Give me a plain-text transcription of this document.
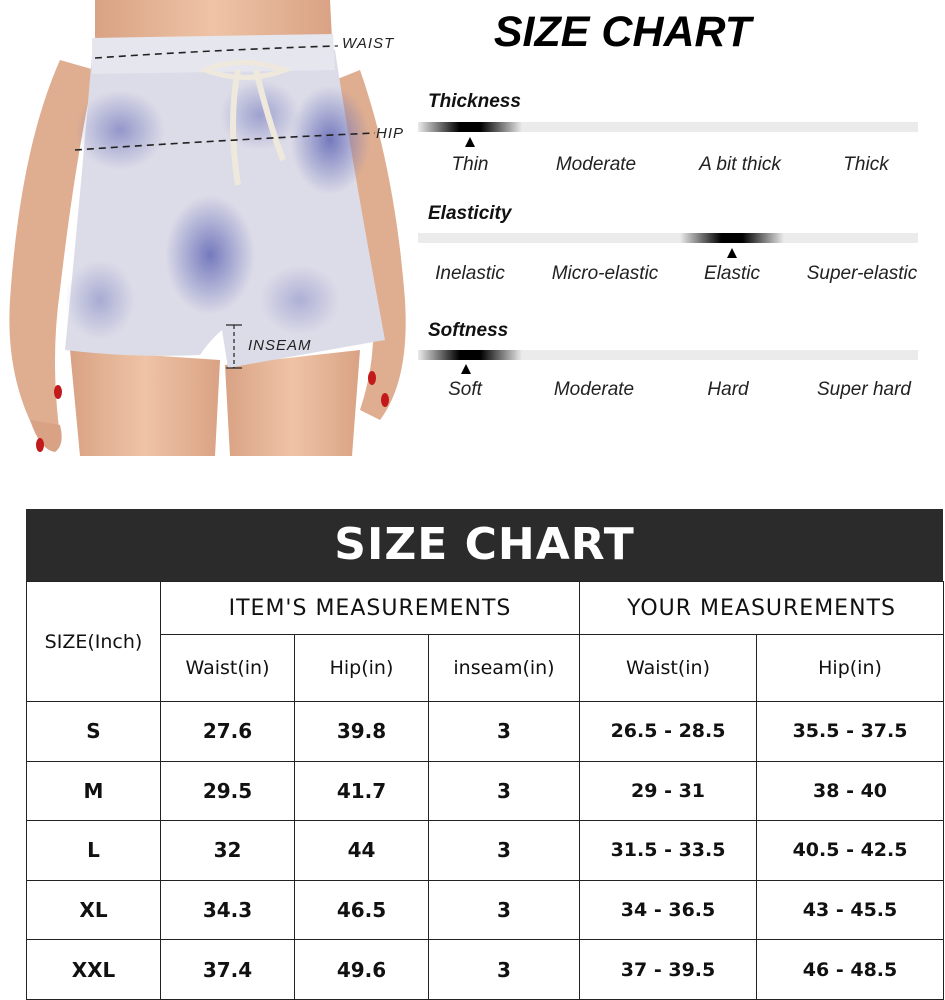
WAIST
HIP
INSEAM
SIZE CHART
Thickness
Thin	Moderate	A bit thick	Thick
Elasticity
Inelastic Micro-elastic Elastic Super-elastic
Softness
Soft	Moderate	Hard	Super hard
SIZE CHART
SIZE(Inch)	ITEM'S MEASUREMENTS			YOUR MEASUREMENTS	
	Waist(in)	Hip(in)	inseam(in)	Waist(in)	Hip(in)
S	27.6	39.8	3	26.5 - 28.5	35.5 - 37.5
M	29.5	41.7	3	29 - 31	38 - 40
L	32	44	3	31.5 - 33.5	40.5 - 42.5
XL	34.3	46.5	3	34 - 36.5	43 - 45.5
XXL	37.4	49.6	3	37 - 39.5	46 - 48.5
